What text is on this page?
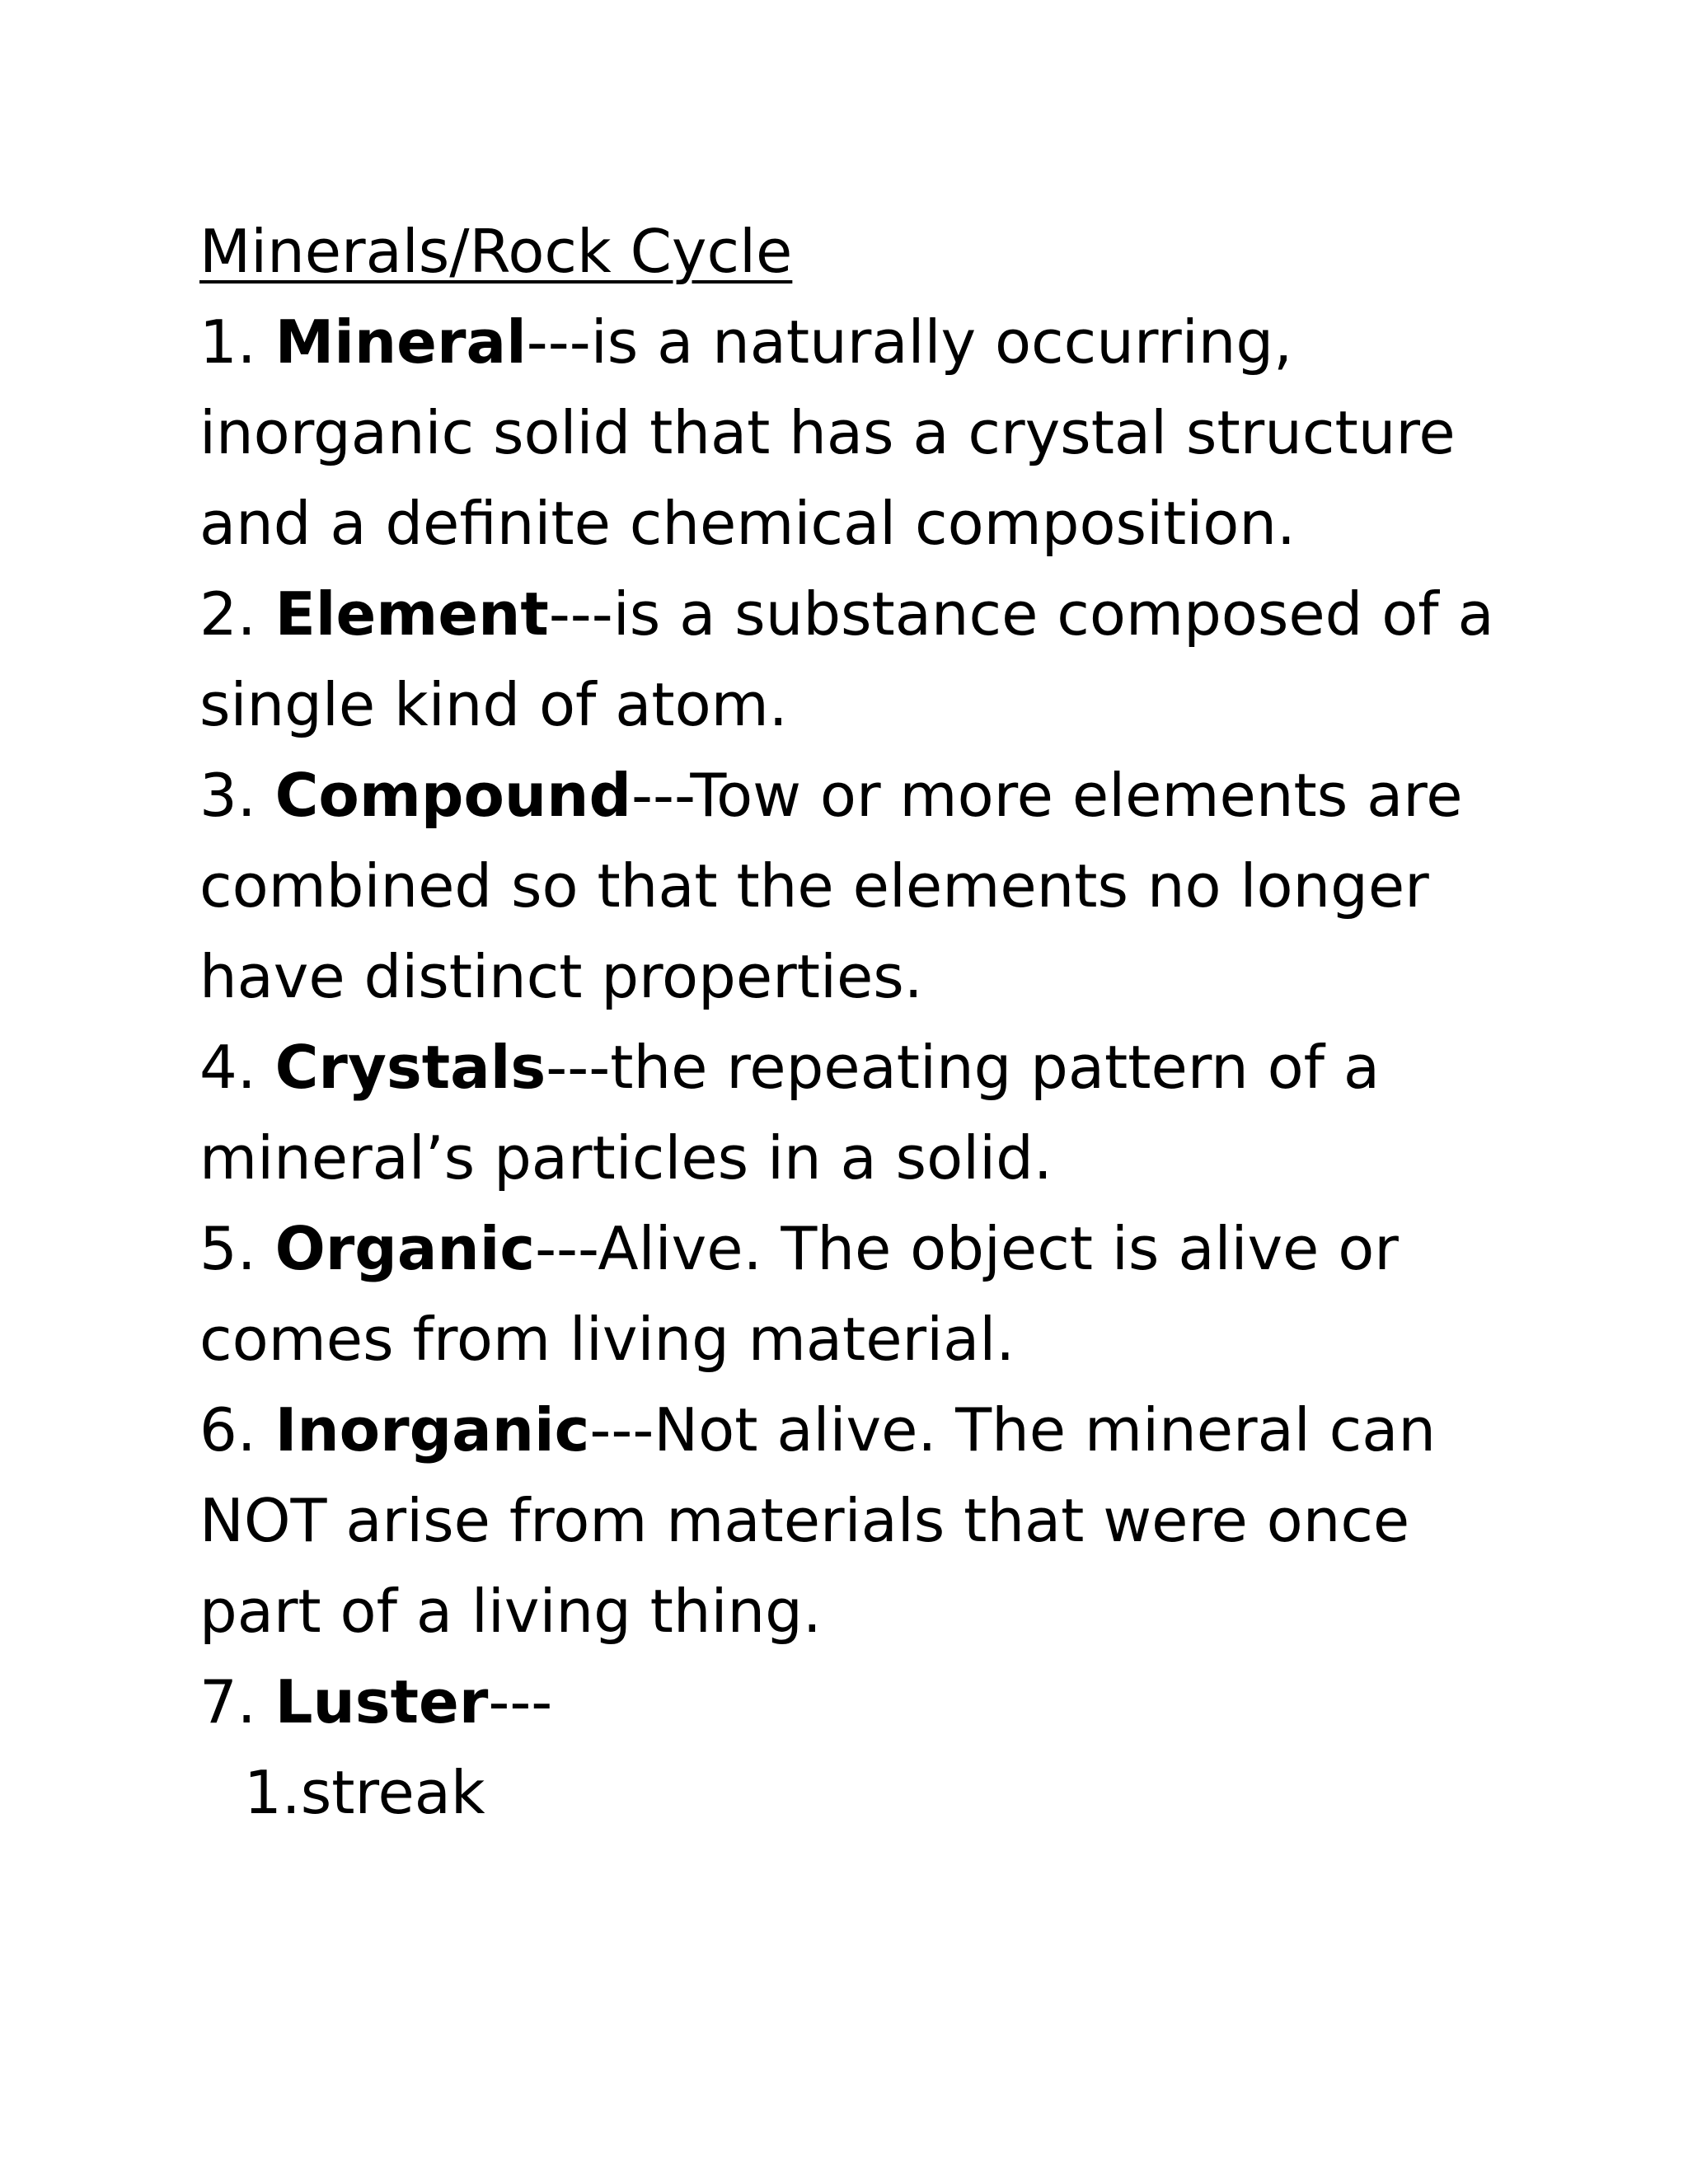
Minerals/Rock Cycle

1. Mineral---is a naturally occurring, inorganic solid that has a crystal structure and a definite chemical composition.

2. Element---is a substance composed of a single kind of atom.

3. Compound---Tow or more elements are combined so that the elements no longer have distinct properties.

4. Crystals---the repeating pattern of a mineral’s particles in a solid.

5. Organic---Alive. The object is alive or comes from living material.

6. Inorganic---Not alive. The mineral can NOT arise from materials that were once part of a living thing.

7. Luster---

1.streak
